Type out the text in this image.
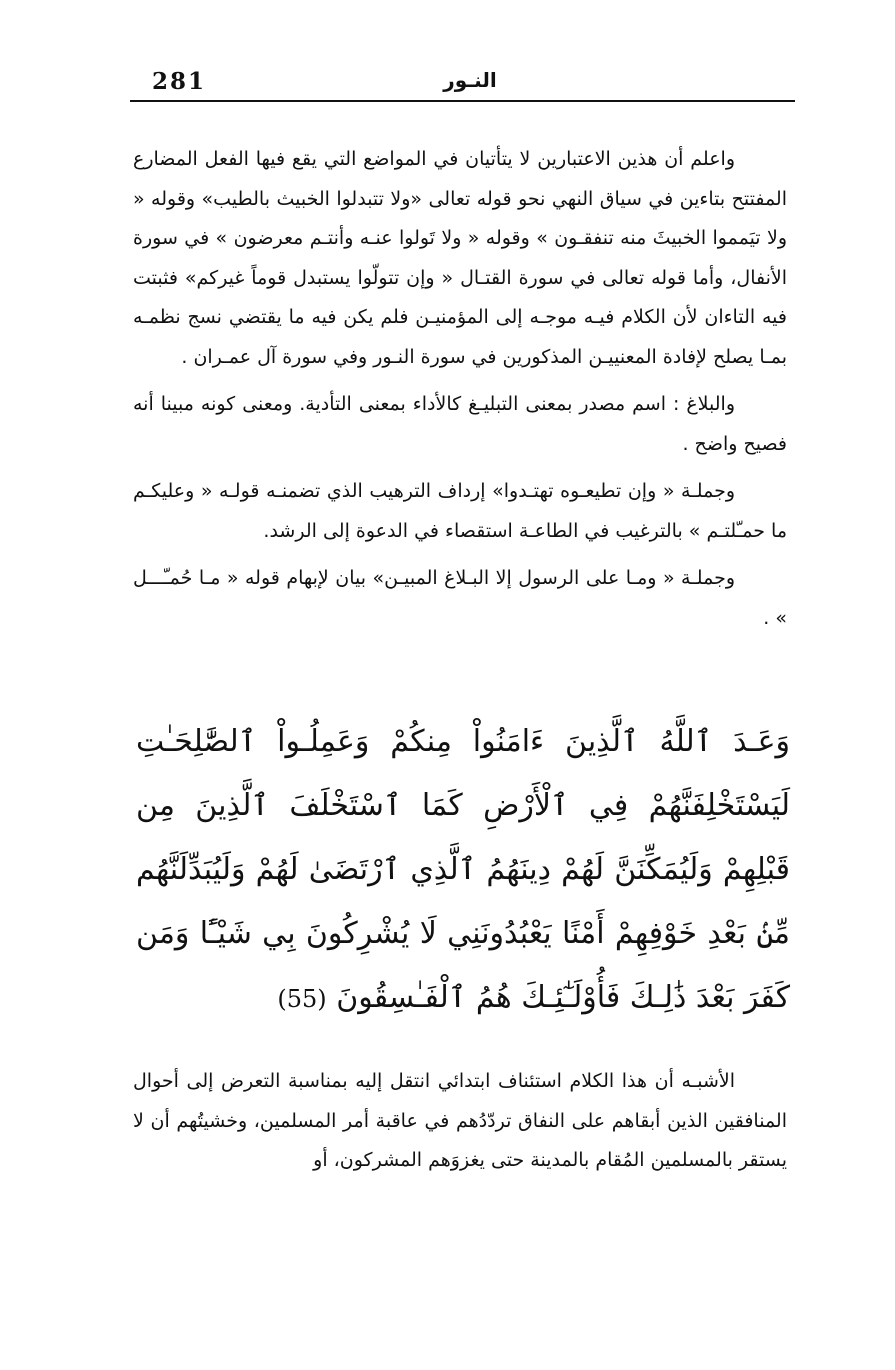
281	النـور

واعلم أن هذين الاعتبارين لا يتأتيان في المواضع التي يقع فيها الفعل المضارع المفتتح بتاءين في سياق النهي نحو قوله تعالى «ولا تتبدلوا الخبيث بالطيب» وقوله « ولا تيَمموا الخبيثَ منه تنفقـون » وقوله « ولا تَولوا عنـه وأنتـم معرضون » في سورة الأنفال، وأما قوله تعالى في سورة القتـال « وإن تتولّوا يستبدل قوماً غيركم» فثبتت فيه التاءان لأن الكلام فيـه موجـه إلى المؤمنيـن فلم يكن فيه ما يقتضي نسج نظمـه بمـا يصلح لإفادة المعنييـن المذكورين في سورة النـور وفي سورة آل عمـران .

والبلاغ : اسم مصدر بمعنى التبليـغ كالأداء بمعنى التأدية. ومعنى كونه مبينا أنه فصيح واضح .

وجملـة « وإن تطيعـوه تهتـدوا» إرداف الترهيب الذي تضمنـه قولـه « وعليكـم ما حمـّلتـم » بالترغيب في الطاعـة استقصاء في الدعوة إلى الرشد.

وجملـة « ومـا على الرسول إلا البـلاغ المبيـن» بيان لإبهام قوله « مـا حُمـّـــل » .

وَعَـدَ ٱللَّهُ ٱلَّذِينَ ءَامَنُواْ مِنكُمْ وَعَمِلُـواْ ٱلصَّٰلِحَـٰتِ لَيَسْتَخْلِفَنَّهُمْ فِي ٱلْأَرْضِ كَمَا ٱسْتَخْلَفَ ٱلَّذِينَ مِن قَبْلِهِمْ وَلَيُمَكِّنَنَّ لَهُمْ دِينَهُمُ ٱلَّذِي ٱرْتَضَىٰ لَهُمْ وَلَيُبَدِّلَنَّهُم مِّنۢ بَعْدِ خَوْفِهِمْ أَمْنًا يَعْبُدُونَنِي لَا يُشْرِكُونَ بِي شَيْـًٔا وَمَن كَفَرَ بَعْدَ ذَٰلِـكَ فَأُوْلَـٰٓئِـكَ هُمُ ٱلْفَـٰسِقُونَ (55)

الأشبـه أن هذا الكلام استئناف ابتدائي انتقل إليه بمناسبة التعرض إلى أحوال المنافقين الذين أبقاهم على النفاق تردّدُهم في عاقبة أمر المسلمين، وخشيتُهم أن لا يستقر بالمسلمين المُقام بالمدينة حتى يغزوَهم المشركون، أو
